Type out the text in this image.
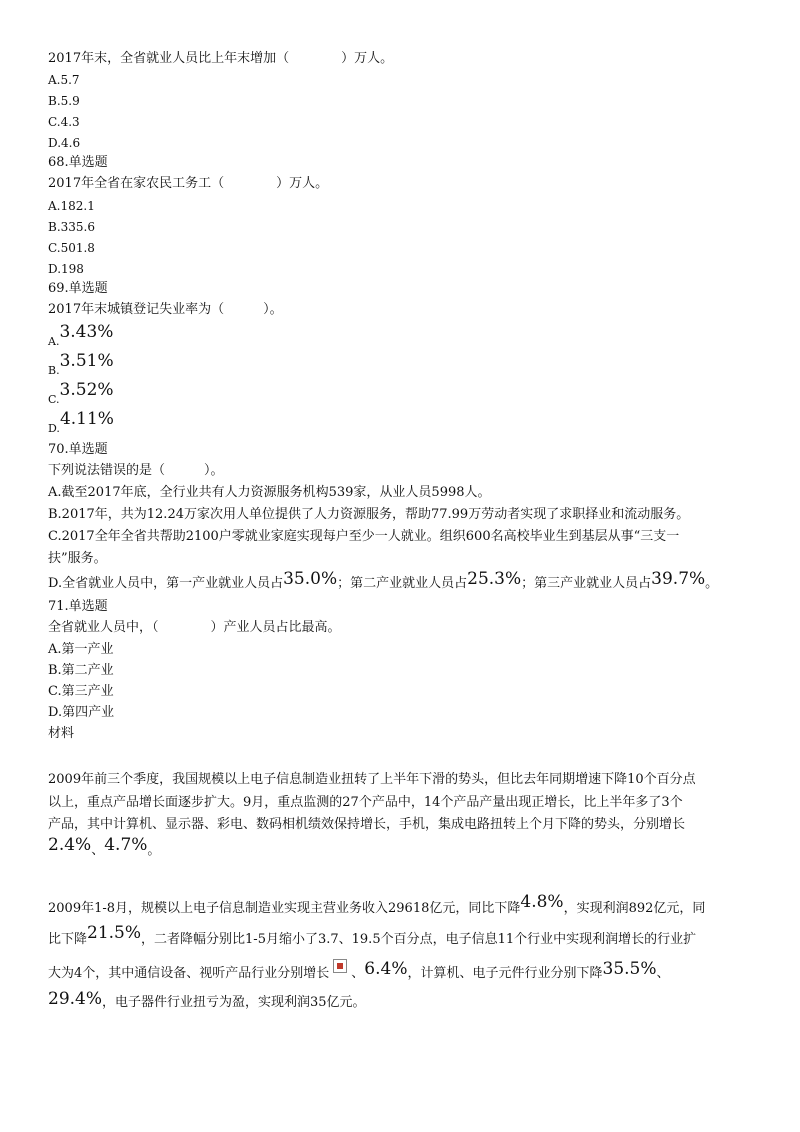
2017年末，全省就业人员比上年末增加（　　　　）万人。
A.5.7
B.5.9
C.4.3
D.4.6
68.单选题
2017年全省在家农民工务工（　　　　）万人。
A.182.1
B.335.6
C.501.8
D.198
69.单选题
2017年末城镇登记失业率为（　　　）。
$_{A.}$3.43%
$_{B.}$3.51%
$_{C.}$3.52%
$_{D.}$4.11%
70.单选题
下列说法错误的是（　　　）。
A.截至2017年底，全行业共有人力资源服务机构539家，从业人员5998人。
B.2017年，共为12.24万家次用人单位提供了人力资源服务，帮助77.99万劳动者实现了求职择业和流动服务。
C.2017全年全省共帮助2100户零就业家庭实现每户至少一人就业。组织600名高校毕业生到基层从事“三支一
扶”服务。
D.全省就业人员中，第一产业就业人员占35.0%；第二产业就业人员占25.3%；第三产业就业人员占39.7%。
71.单选题
全省就业人员中，（　　　　）产业人员占比最高。
A.第一产业
B.第二产业
C.第三产业
D.第四产业
材料
2009年前三个季度，我国规模以上电子信息制造业扭转了上半年下滑的势头，但比去年同期增速下降10个百分点
以上，重点产品增长面逐步扩大。9月，重点监测的27个产品中，14个产品产量出现正增长，比上半年多了3个
产品，其中计算机、显示器、彩电、数码相机绩效保持增长，手机，集成电路扭转上个月下降的势头，分别增长
2.4%、4.7%。
2009年1-8月，规模以上电子信息制造业实现主营业务收入29618亿元，同比下降4.8%，实现利润892亿元，同
比下降21.5%，二者降幅分别比1-5月缩小了3.7、19.5个百分点，电子信息11个行业中实现利润增长的行业扩
大为4个，其中通信设备、视听产品行业分别增长 、6.4%，计算机、电子元件行业分别下降35.5%、
29.4%，电子器件行业扭亏为盈，实现利润35亿元。
